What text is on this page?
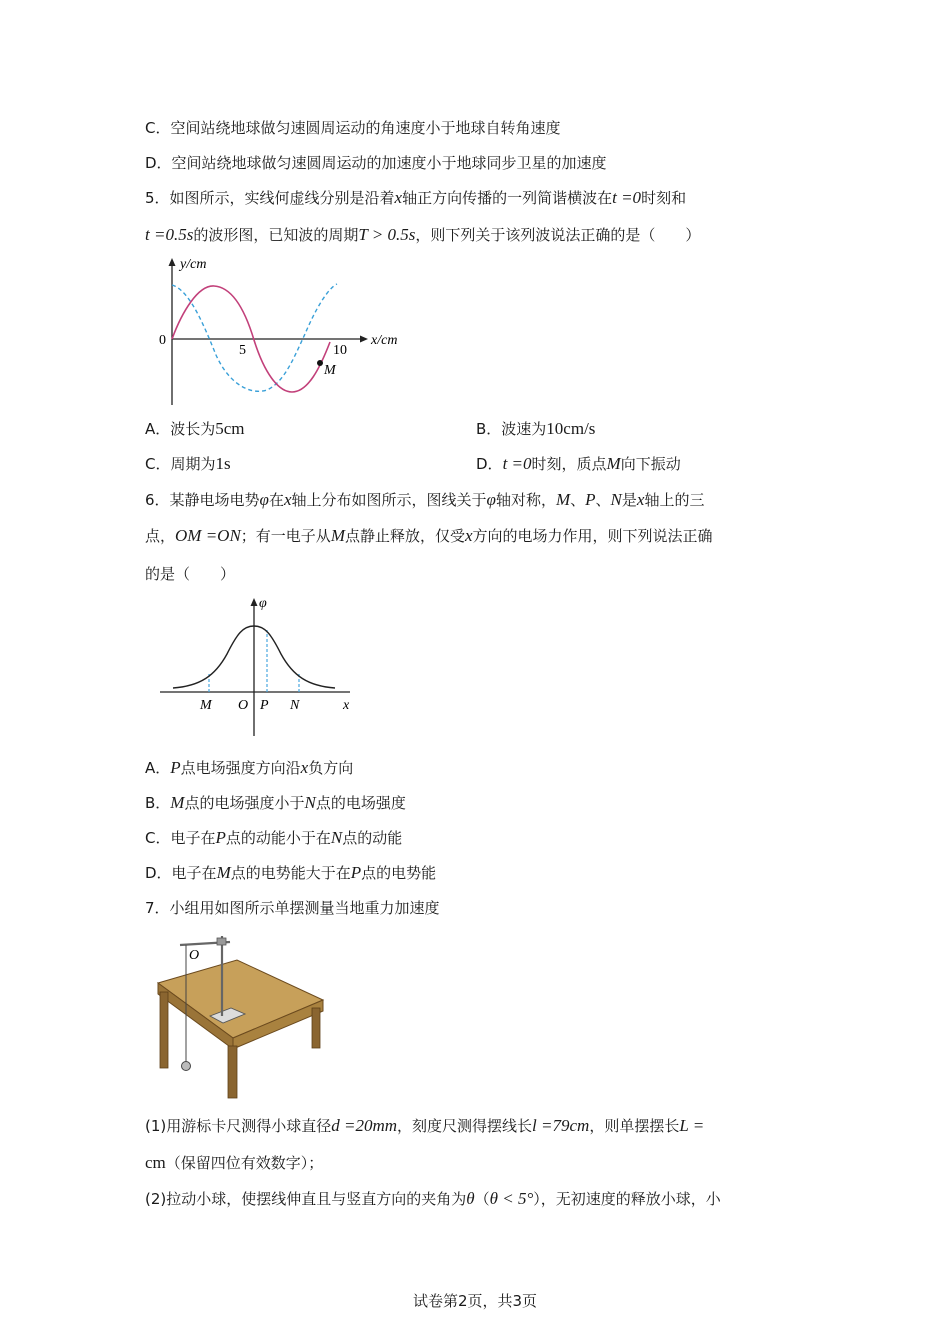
C．空间站绕地球做匀速圆周运动的角速度小于地球自转角速度
D．空间站绕地球做匀速圆周运动的加速度小于地球同步卫星的加速度
5．如图所示，实线何虚线分别是沿着x轴正方向传播的一列简谐横波在t =0时刻和
t =0.5s的波形图，已知波的周期T > 0.5s，则下列关于该列波说法正确的是（　　）
y/cm
x/cm
0
5	10
M
A．波长为5cm	B．波速为10cm/s
C．周期为1s	D．t =0时刻，质点M向下振动
6．某静电场电势φ在x轴上分布如图所示，图线关于φ轴对称，M、P、N是x轴上的三
点，OM =ON；有一电子从M点静止释放，仅受x方向的电场力作用，则下列说法正确
的是（　　）
φ
M O P N	x
A．P点电场强度方向沿x负方向
B．M点的电场强度小于N点的电场强度
C．电子在P点的动能小于在N点的动能
D．电子在M点的电势能大于在P点的电势能
7．小组用如图所示单摆测量当地重力加速度
O
(1)用游标卡尺测得小球直径d =20mm，刻度尺测得摆线长l =79cm，则单摆摆长L =
cm（保留四位有效数字）；
(2)拉动小球，使摆线伸直且与竖直方向的夹角为θ（θ < 5°），无初速度的释放小球，小
试卷第2页，共3页
